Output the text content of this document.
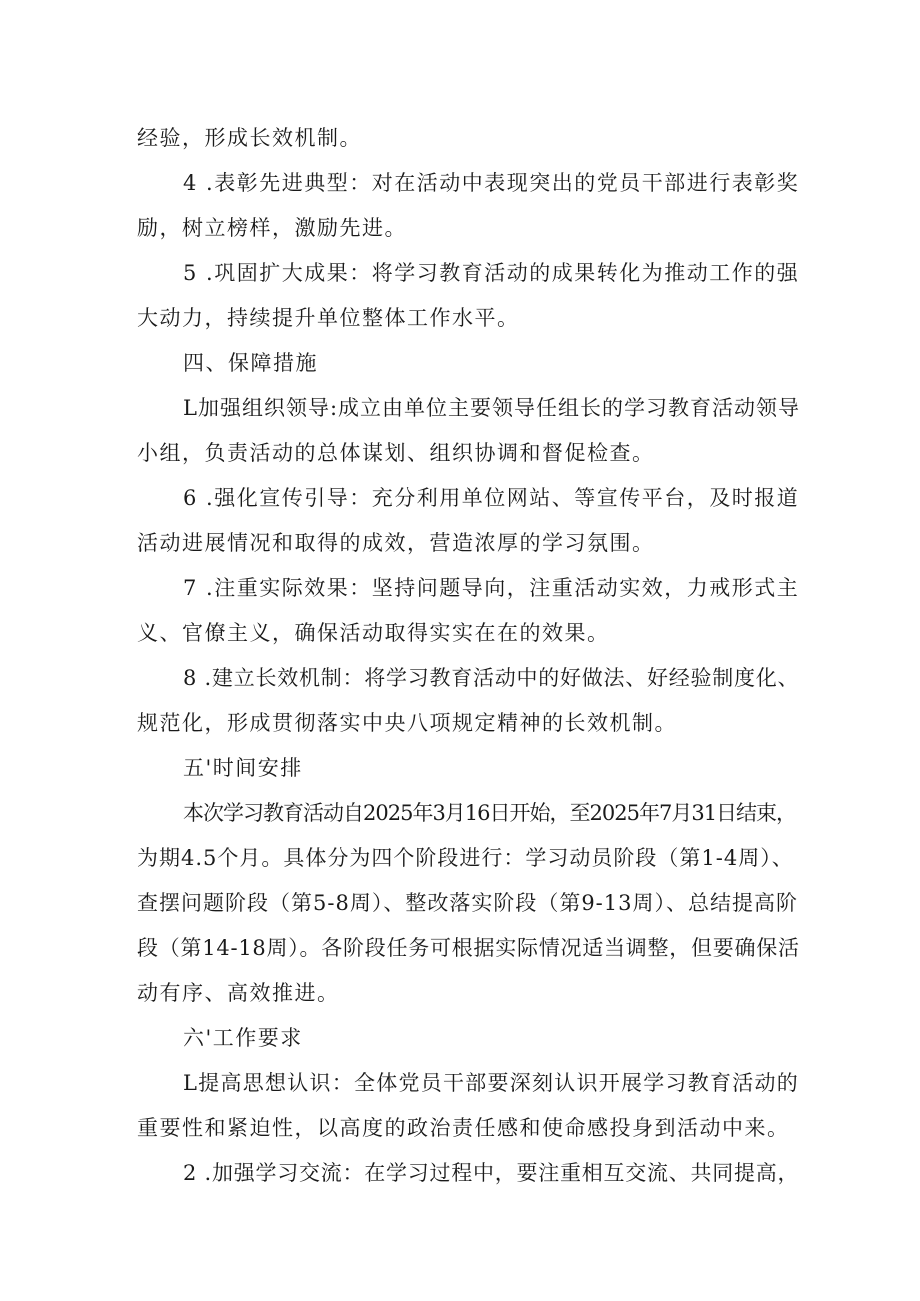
经验，形成长效机制。
4 .表彰先进典型：对在活动中表现突出的党员干部进行表彰奖
励，树立榜样，激励先进。
5 .巩固扩大成果：将学习教育活动的成果转化为推动工作的强
大动力，持续提升单位整体工作水平。
四、保障措施
L加强组织领导:成立由单位主要领导任组长的学习教育活动领导
小组，负责活动的总体谋划、组织协调和督促检查。
6 .强化宣传引导：充分利用单位网站、等宣传平台，及时报道
活动进展情况和取得的成效，营造浓厚的学习氛围。
7 .注重实际效果：坚持问题导向，注重活动实效，力戒形式主
义、官僚主义，确保活动取得实实在在的效果。
8 .建立长效机制：将学习教育活动中的好做法、好经验制度化、
规范化，形成贯彻落实中央八项规定精神的长效机制。
五'时间安排
本次学习教育活动自2025年3月16日开始，至2025年7月31日结束，
为期4.5个月。具体分为四个阶段进行：学习动员阶段（第1-4周）、
查摆问题阶段（第5-8周）、整改落实阶段（第9-13周）、总结提高阶
段（第14-18周）。各阶段任务可根据实际情况适当调整，但要确保活
动有序、高效推进。
六'工作要求
L提高思想认识：全体党员干部要深刻认识开展学习教育活动的
重要性和紧迫性，以高度的政治责任感和使命感投身到活动中来。
2 .加强学习交流：在学习过程中，要注重相互交流、共同提高，
